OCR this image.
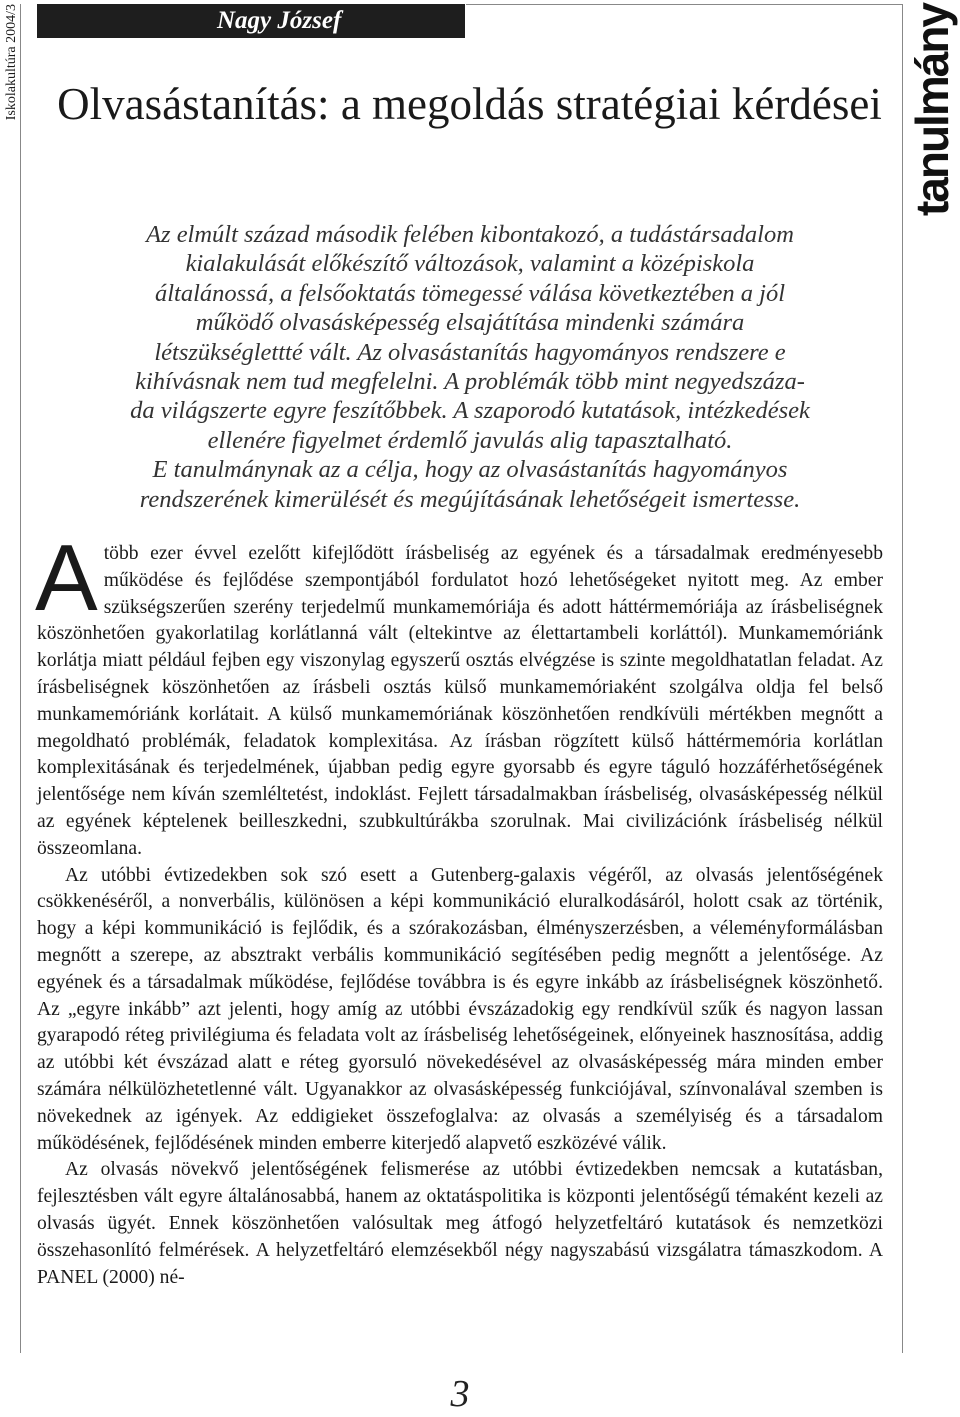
Iskolakultúra 2004/3	Nagy József	tanulmány
Olvasástanítás: a megoldás stratégiai kérdései
Az elmúlt század második felében kibontakozó, a tudástársadalom
kialakulását előkészítő változások, valamint a középiskola
általánossá, a felsőoktatás tömegessé válása következtében a jól
működő olvasásképesség elsajátítása mindenki számára
létszükséglettté vált. Az olvasástanítás hagyományos rendszere e
kihívásnak nem tud megfelelni. A problémák több mint negyedszáza-
da világszerte egyre feszítőbbek. A szaporodó kutatások, intézkedések
ellenére figyelmet érdemlő javulás alig tapasztalható.
E tanulmánynak az a célja, hogy az olvasástanítás hagyományos
rendszerének kimerülését és megújításának lehetőségeit ismertesse.

A több ezer évvel ezelőtt kifejlődött írásbeliség az egyének és a társadalmak eredményesebb működése és fejlődése szempontjából fordulatot hozó lehetőségeket nyitott meg. Az ember szükségszerűen szerény terjedelmű munkamemóriája és adott háttérmemóriája az írásbeliségnek köszönhetően gyakorlatilag korlátlanná vált (eltekintve az élettartambeli korláttól). Munkamemóriánk korlátja miatt például fejben egy viszonylag egyszerű osztás elvégzése is szinte megoldhatatlan feladat. Az írásbeliségnek köszönhetően az írásbeli osztás külső munkamemóriaként szolgálva oldja fel belső munkamemóriánk korlátait. A külső munkamemóriának köszönhetően rendkívüli mértékben megnőtt a megoldható problémák, feladatok komplexitása. Az írásban rögzített külső háttérmemória korlátlan komplexitásának és terjedelmének, újabban pedig egyre gyorsabb és egyre táguló hozzáférhetőségének jelentősége nem kíván szemléltetést, indoklást. Fejlett társadalmakban írásbeliség, olvasásképesség nélkül az egyének képtelenek beilleszkedni, szubkultúrákba szorulnak. Mai civilizációnk írásbeliség nélkül összeomlana.

Az utóbbi évtizedekben sok szó esett a Gutenberg-galaxis végéről, az olvasás jelentőségének csökkenéséről, a nonverbális, különösen a képi kommunikáció eluralkodásáról, holott csak az történik, hogy a képi kommunikáció is fejlődik, és a szórakozásban, élményszerzésben, a véleményformálásban megnőtt a szerepe, az absztrakt verbális kommunikáció segítésében pedig megnőtt a jelentősége. Az egyének és a társadalmak működése, fejlődése továbbra is és egyre inkább az írásbeliségnek köszönhető. Az „egyre inkább” azt jelenti, hogy amíg az utóbbi évszázadokig egy rendkívül szűk és nagyon lassan gyarapodó réteg privilégiuma és feladata volt az írásbeliség lehetőségeinek, előnyeinek hasznosítása, addig az utóbbi két évszázad alatt e réteg gyorsuló növekedésével az olvasásképesség mára minden ember számára nélkülözhetetlenné vált. Ugyanakkor az olvasásképesség funkciójával, színvonalával szemben is növekednek az igények. Az eddigieket összefoglalva: az olvasás a személyiség és a társadalom működésének, fejlődésének minden emberre kiterjedő alapvető eszközévé válik.

Az olvasás növekvő jelentőségének felismerése az utóbbi évtizedekben nemcsak a kutatásban, fejlesztésben vált egyre általánosabbá, hanem az oktatáspolitika is központi jelentőségű témaként kezeli az olvasás ügyét. Ennek köszönhetően valósultak meg átfogó helyzetfeltáró kutatások és nemzetközi összehasonlító felmérések. A helyzetfeltáró elemzésekből négy nagyszabású vizsgálatra támaszkodom. A PANEL (2000) né-

3
